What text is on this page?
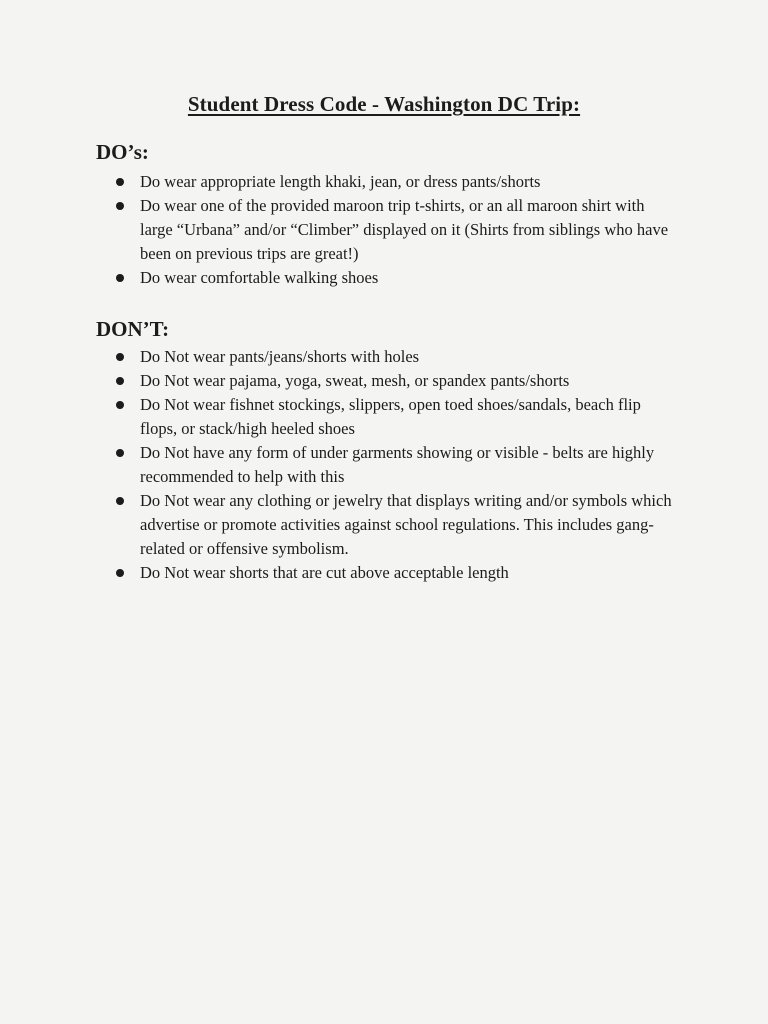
Student Dress Code - Washington DC Trip:
DO’s:
Do wear appropriate length khaki, jean, or dress pants/shorts
Do wear one of the provided maroon trip t-shirts, or an all maroon shirt with large “Urbana” and/or “Climber” displayed on it (Shirts from siblings who have been on previous trips are great!)
Do wear comfortable walking shoes
DON’T:
Do Not wear pants/jeans/shorts with holes
Do Not wear pajama, yoga, sweat, mesh, or spandex pants/shorts
Do Not wear fishnet stockings, slippers, open toed shoes/sandals, beach flip flops, or stack/high heeled shoes
Do Not have any form of under garments showing or visible - belts are highly recommended to help with this
Do Not wear any clothing or jewelry that displays writing and/or symbols which advertise or promote activities against school regulations. This includes gang-related or offensive symbolism.
Do Not wear shorts that are cut above acceptable length
